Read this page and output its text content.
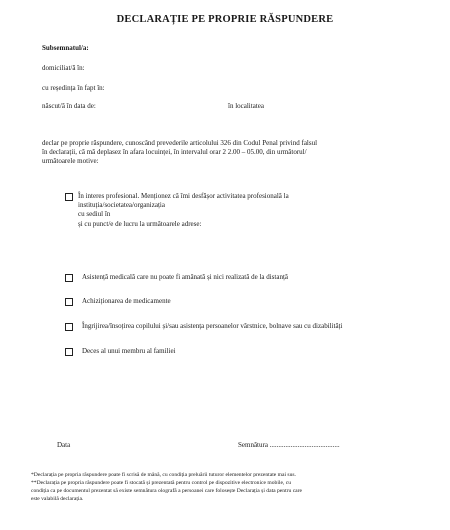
DECLARAȚIE PE PROPRIE RĂSPUNDERE
Subsemnatul/a:
domiciliat/ă în:
cu reședința în fapt în:
născut/ă în data de:	în localitatea
declar pe proprie răspundere, cunoscând prevederile articolului 326 din Codul Penal privind falsul
în declarații, că mă deplasez în afara locuinței, în intervalul orar 2 2.00 – 05.00, din următorul/
următoarele motive:
În interes profesional. Menționez că îmi desfășor activitatea profesională la
instituția/societatea/organizația
cu sediul în
și cu punct/e de lucru la următoarele adrese:
Asistență medicală care nu poate fi amânată și nici realizată de la distanță
Achiziționarea de medicamente
Îngrijirea/însoțirea copilului și/sau asistența persoanelor vârstnice, bolnave sau cu dizabilități
Deces al unui membru al familiei
Data	Semnătura ........................................
*Declarația pe propria răspundere poate fi scrisă de mână, cu condiția preluării tuturor elementelor prezentate mai sus.
**Declarația pe propria răspundere poate fi stocată și prezentată pentru control pe dispozitive electronice mobile, cu
condiția ca pe documentul prezentat să existe semnătura olografă a persoanei care folosește Declarația și data pentru care
este valabilă declarația.
